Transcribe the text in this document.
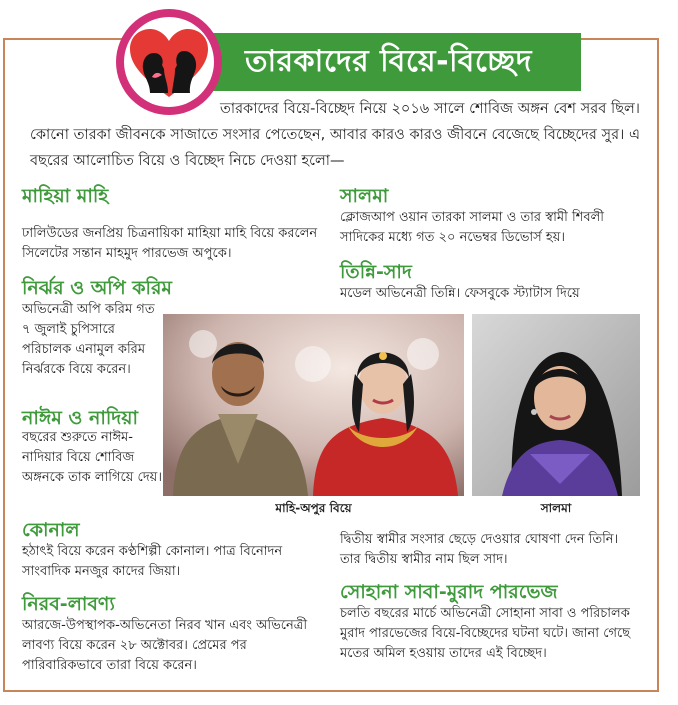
তারকাদের বিয়ে-বিচ্ছেদ

তারকাদের বিয়ে-বিচ্ছেদ নিয়ে ২০১৬ সালে শোবিজ অঙ্গন বেশ সরব ছিল। কোনো তারকা জীবনকে সাজাতে সংসার পেতেছেন, আবার কারও কারও জীবনে বেজেছে বিচ্ছেদের সুর। এ বছরের আলোচিত বিয়ে ও বিচ্ছেদ নিচে দেওয়া হলো—

মাহিয়া মাহি

ঢালিউডের জনপ্রিয় চিত্রনায়িকা মাহিয়া মাহি বিয়ে করলেন সিলেটের সন্তান মাহমুদ পারভেজ অপুকে।

নির্ঝর ও অপি করিম

অভিনেত্রী অপি করিম গত ৭ জুলাই চুপিসারে পরিচালক এনামুল করিম নির্ঝরকে বিয়ে করেন।

নাঈম ও নাদিয়া

বছরের শুরুতে নাঈম-নাদিয়ার বিয়ে শোবিজ অঙ্গনকে তাক লাগিয়ে দেয়।

কোনাল

হঠাৎই বিয়ে করেন কণ্ঠশিল্পী কোনাল। পাত্র বিনোদন সাংবাদিক মনজুর কাদের জিয়া।

নিরব-লাবণ্য

আরজে-উপস্থাপক-অভিনেতা নিরব খান এবং অভিনেত্রী লাবণ্য বিয়ে করেন ২৮ অক্টোবর। প্রেমের পর পারিবারিকভাবে তারা বিয়ে করেন।

সালমা

ক্লোজআপ ওয়ান তারকা সালমা ও তার স্বামী শিবলী সাদিকের মধ্যে গত ২০ নভেম্বর ডিভোর্স হয়।

তিন্নি-সাদ

মডেল অভিনেত্রী তিন্নি। ফেসবুকে স্ট্যাটাস দিয়ে

দ্বিতীয় স্বামীর সংসার ছেড়ে দেওয়ার ঘোষণা দেন তিনি। তার দ্বিতীয় স্বামীর নাম ছিল সাদ।

সোহানা সাবা-মুরাদ পারভেজ

চলতি বছরের মার্চে অভিনেত্রী সোহানা সাবা ও পরিচালক মুরাদ পারভেজের বিয়ে-বিচ্ছেদের ঘটনা ঘটে। জানা গেছে মতের অমিল হওয়ায় তাদের এই বিচ্ছেদ।

মাহি-অপুর বিয়ে	সালমা
